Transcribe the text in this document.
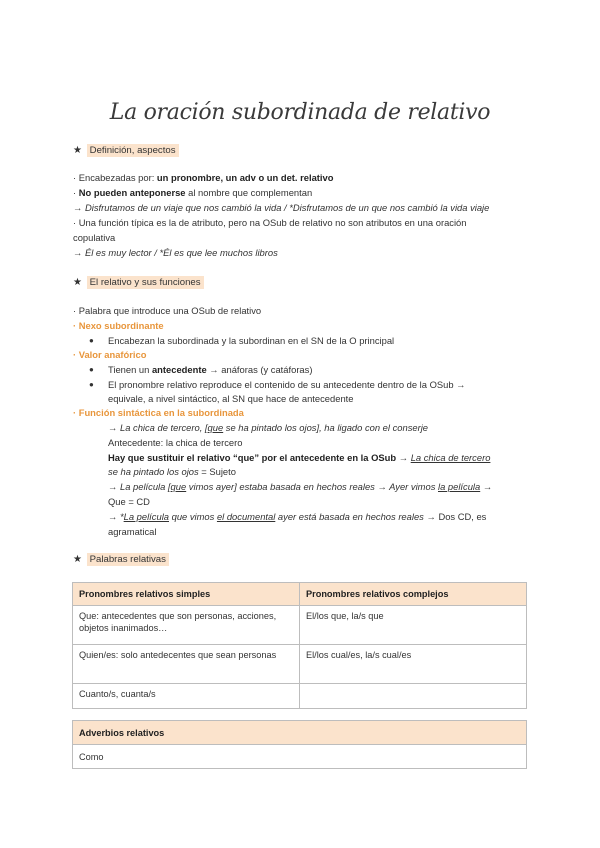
La oración subordinada de relativo
★ Definición, aspectos
· Encabezadas por: un pronombre, un adv o un det. relativo
· No pueden anteponerse al nombre que complementan
→ Disfrutamos de un viaje que nos cambió la vida / *Disfrutamos de un que nos cambió la vida viaje
· Una función típica es la de atributo, pero na OSub de relativo no son atributos en una oración
copulativa
→ Él es muy lector / *Él es que lee muchos libros
★ El relativo y sus funciones
· Palabra que introduce una OSub de relativo
· Nexo subordinante
● Encabezan la subordinada y la subordinan en el SN de la O principal
· Valor anafórico
● Tienen un antecedente → anáforas (y catáforas)
● El pronombre relativo reproduce el contenido de su antecedente dentro de la OSub →
equivale, a nivel sintáctico, al SN que hace de antecedente
· Función sintáctica en la subordinada
→ La chica de tercero, [que se ha pintado los ojos], ha ligado con el conserje
Antecedente: la chica de tercero
Hay que sustituir el relativo “que” por el antecedente en la OSub → La chica de tercero
se ha pintado los ojos = Sujeto
→ La película [que vimos ayer] estaba basada en hechos reales → Ayer vimos la película →
Que = CD
→ *La película que vimos el documental ayer está basada en hechos reales → Dos CD, es
agramatical
★ Palabras relativas
Pronombres relativos simples	Pronombres relativos complejos

Que: antecedentes que son personas, acciones, objetos inanimados…	El/los que, la/s que

Quien/es: solo antedecentes que sean personas	El/los cual/es, la/s cual/es

Cuanto/s, cuanta/s	

Adverbios relativos
Como
